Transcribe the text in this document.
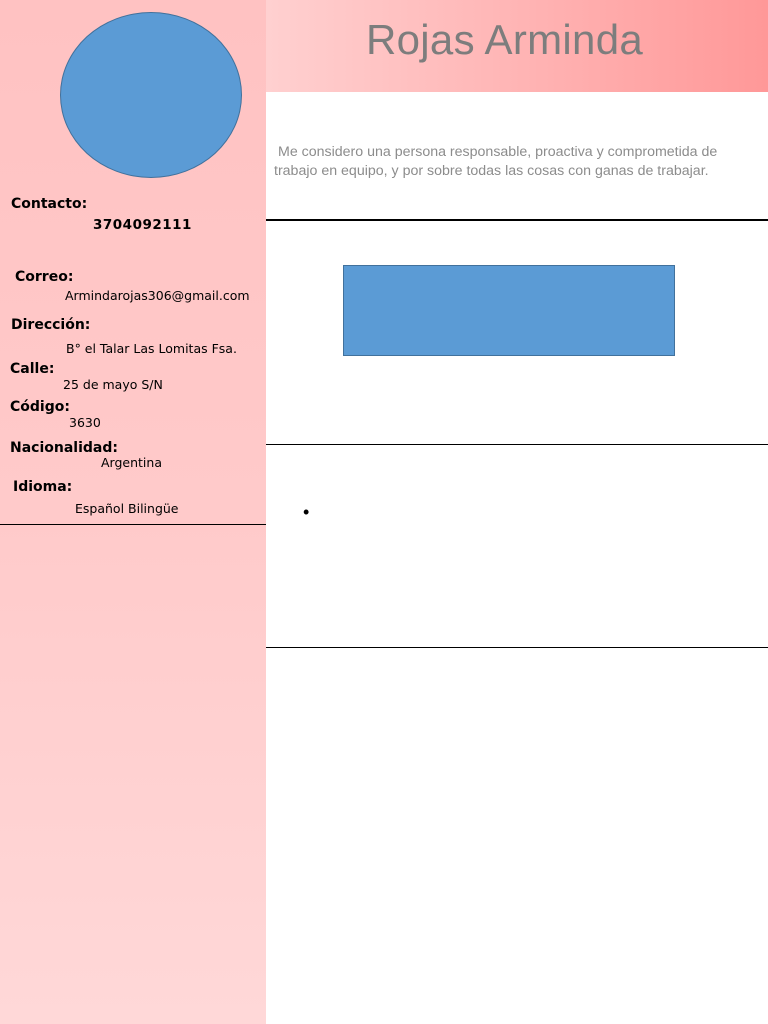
Rojas Arminda
Contacto:
3704092111
Correo:
Armindarojas306@gmail.com
Dirección:
B° el Talar Las Lomitas Fsa.
Calle:
25 de mayo S/N
Código:
3630
Nacionalidad:
Argentina
Idioma:
Español Bilingüe

Me considero una persona responsable, proactiva y comprometida de trabajo en equipo, y por sobre todas las cosas con ganas de trabajar.

•
